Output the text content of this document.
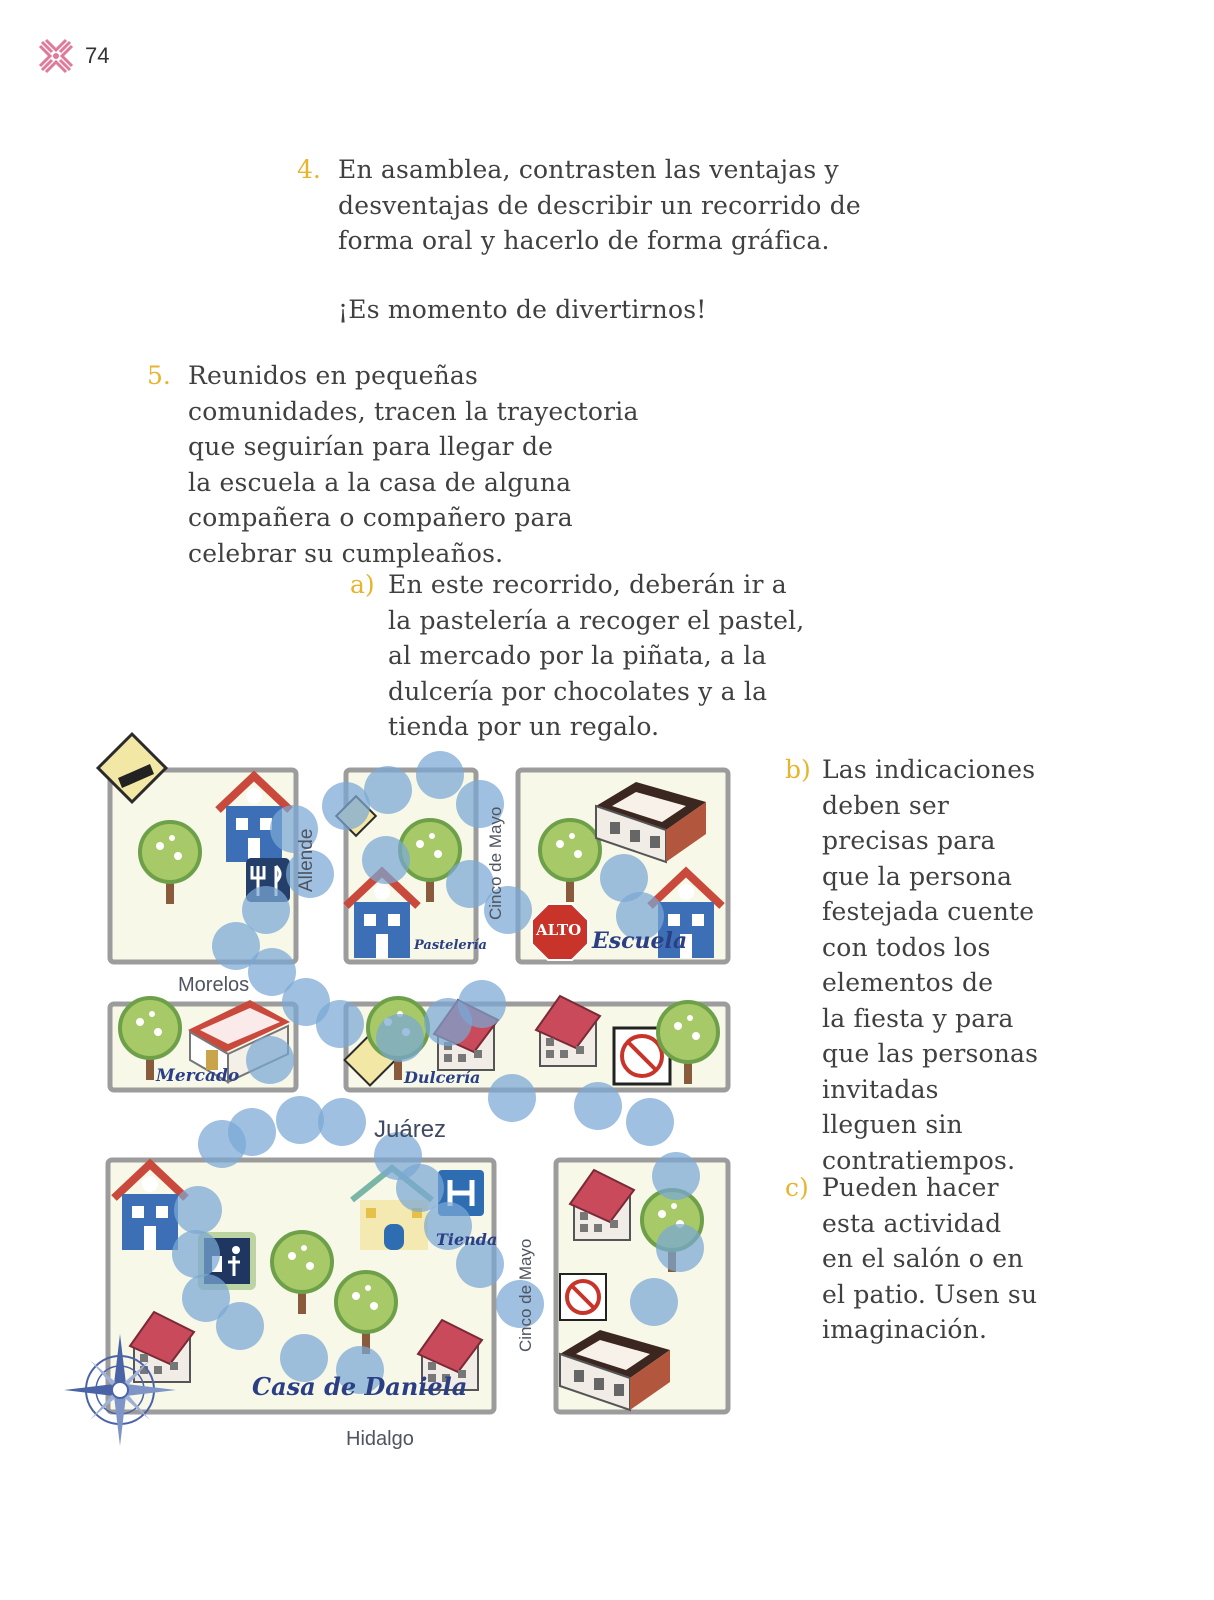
74
4. En asamblea, contrasten las ventajas y
desventajas de describir un recorrido de
forma oral y hacerlo de forma gráfica.
¡Es momento de divertirnos!
5. Reunidos en pequeñas
comunidades, tracen la trayectoria
que seguirían para llegar de
la escuela a la casa de alguna
compañera o compañero para
celebrar su cumpleaños.
a) En este recorrido, deberán ir a
la pastelería a recoger el pastel,
al mercado por la piñata, a la
dulcería por chocolates y a la
tienda por un regalo.
b) Las indicaciones
deben ser
precisas para
que la persona
festejada cuente
con todos los
elementos de
la fiesta y para
que las personas
invitadas
lleguen sin
contratiempos.
c) Pueden hacer
esta actividad
en el salón o en
el patio. Usen su
imaginación.
Allende	Cinco de Mayo
Morelos
Juárez
Cinco de Mayo
Hidalgo
Pastelería	Escuela
ALTO
Mercado	Dulcería
Tienda
Casa de Daniela
